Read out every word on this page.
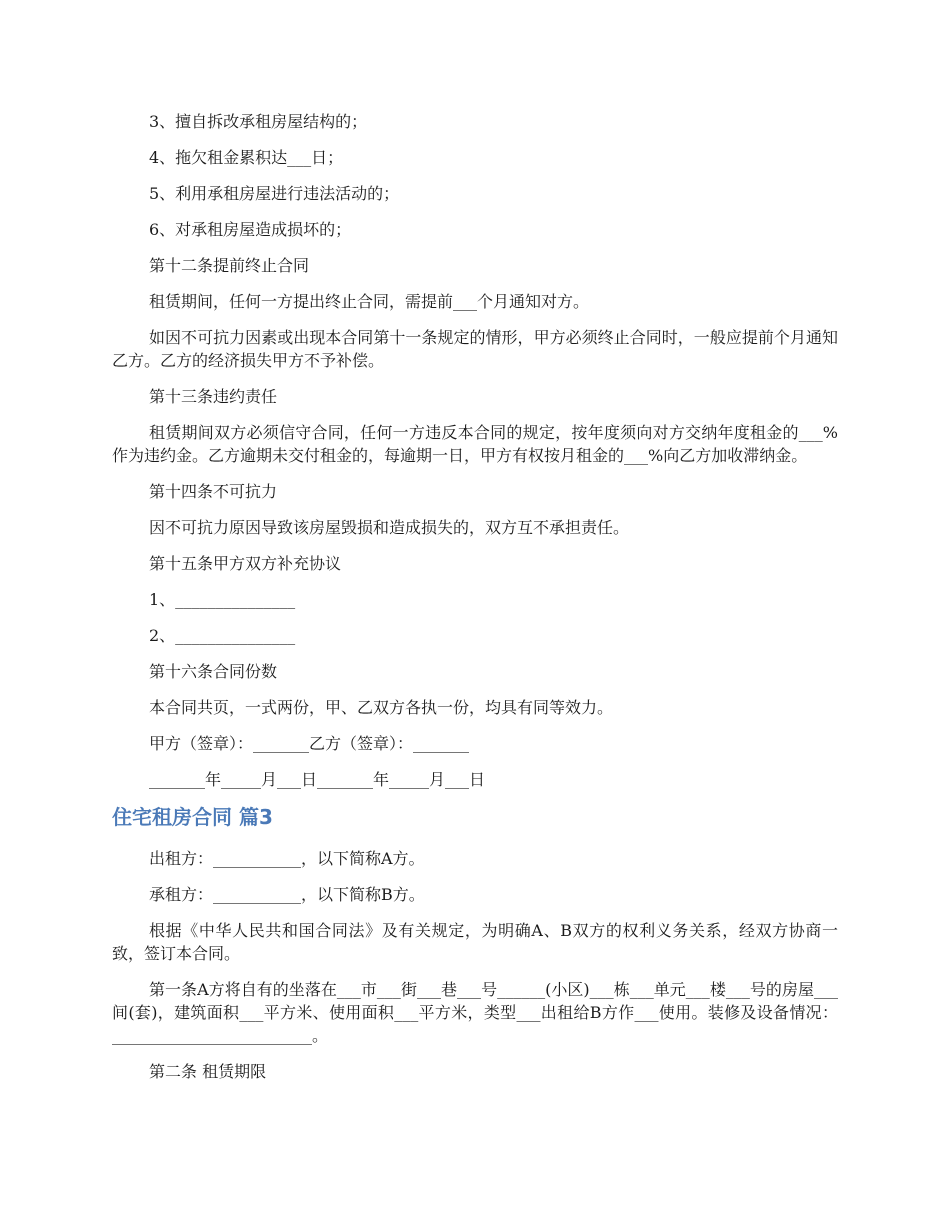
3、擅自拆改承租房屋结构的；

4、拖欠租金累积达___日；

5、利用承租房屋进行违法活动的；

6、对承租房屋造成损坏的；

第十二条提前终止合同

租赁期间，任何一方提出终止合同，需提前___个月通知对方。

如因不可抗力因素或出现本合同第十一条规定的情形，甲方必须终止合同时，一般应提前个月通知乙方。乙方的经济损失甲方不予补偿。

第十三条违约责任

租赁期间双方必须信守合同，任何一方违反本合同的规定，按年度须向对方交纳年度租金的___%作为违约金。乙方逾期未交付租金的，每逾期一日，甲方有权按月租金的___%向乙方加收滞纳金。

第十四条不可抗力

因不可抗力原因导致该房屋毁损和造成损失的，双方互不承担责任。

第十五条甲方双方补充协议

1、_______________

2、_______________

第十六条合同份数

本合同共页，一式两份，甲、乙双方各执一份，均具有同等效力。

甲方（签章）：_______乙方（签章）：_______

_______年_____月___日_______年_____月___日

住宅租房合同 篇3

出租方：___________，以下简称A方。

承租方：___________，以下简称B方。

根据《中华人民共和国合同法》及有关规定，为明确A、B双方的权利义务关系，经双方协商一致，签订本合同。

第一条A方将自有的坐落在___市___街___巷___号______(小区)___栋___单元___楼___号的房屋___间(套)，建筑面积___平方米、使用面积___平方米，类型___出租给B方作___使用。装修及设备情况：_________________________。

第二条 租赁期限
